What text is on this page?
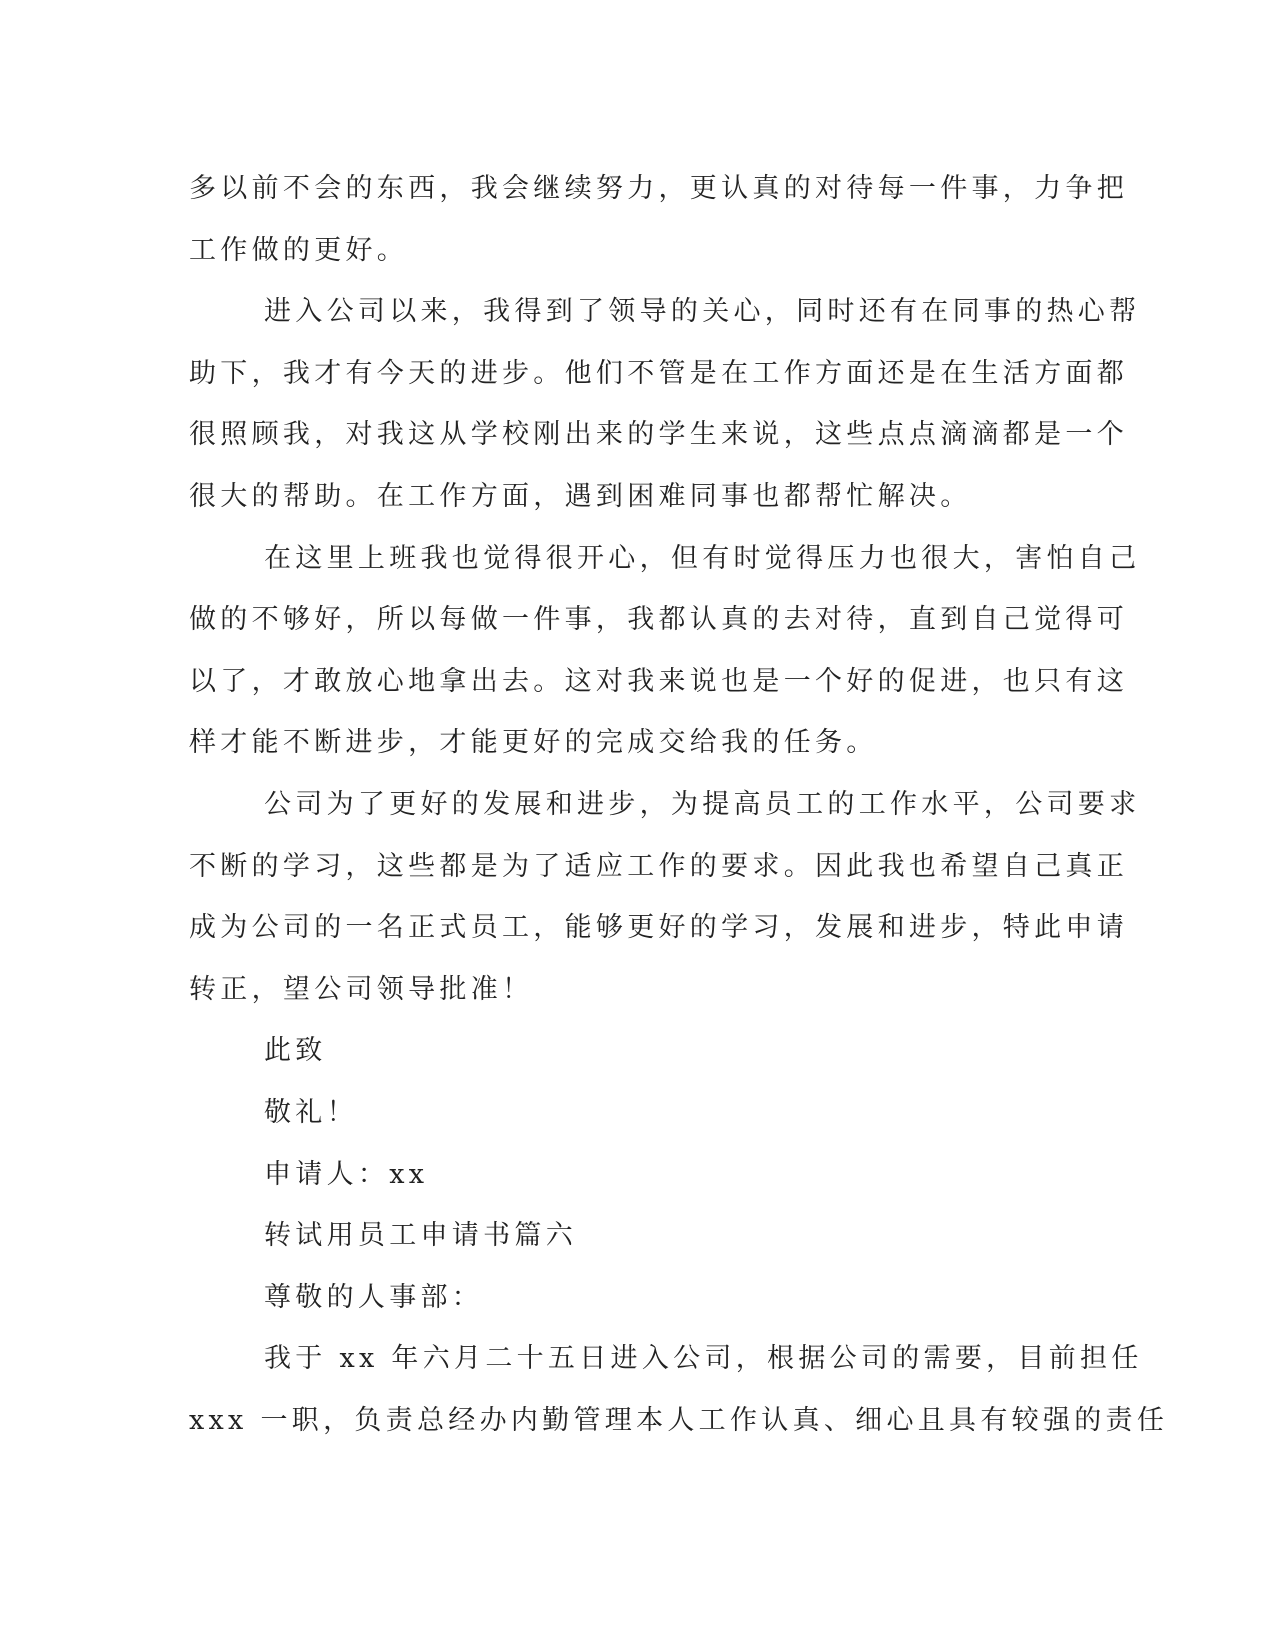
多以前不会的东西，我会继续努力，更认真的对待每一件事，力争把
工作做的更好。
进入公司以来，我得到了领导的关心，同时还有在同事的热心帮
助下，我才有今天的进步。他们不管是在工作方面还是在生活方面都
很照顾我，对我这从学校刚出来的学生来说，这些点点滴滴都是一个
很大的帮助。在工作方面，遇到困难同事也都帮忙解决。
在这里上班我也觉得很开心，但有时觉得压力也很大，害怕自己
做的不够好，所以每做一件事，我都认真的去对待，直到自己觉得可
以了，才敢放心地拿出去。这对我来说也是一个好的促进，也只有这
样才能不断进步，才能更好的完成交给我的任务。
公司为了更好的发展和进步，为提高员工的工作水平，公司要求
不断的学习，这些都是为了适应工作的要求。因此我也希望自己真正
成为公司的一名正式员工，能够更好的学习，发展和进步，特此申请
转正，望公司领导批准！
此致
敬礼！
申请人：xx
转试用员工申请书篇六
尊敬的人事部：
我于 xx 年六月二十五日进入公司，根据公司的需要，目前担任
xxx 一职，负责总经办内勤管理本人工作认真、细心且具有较强的责任
